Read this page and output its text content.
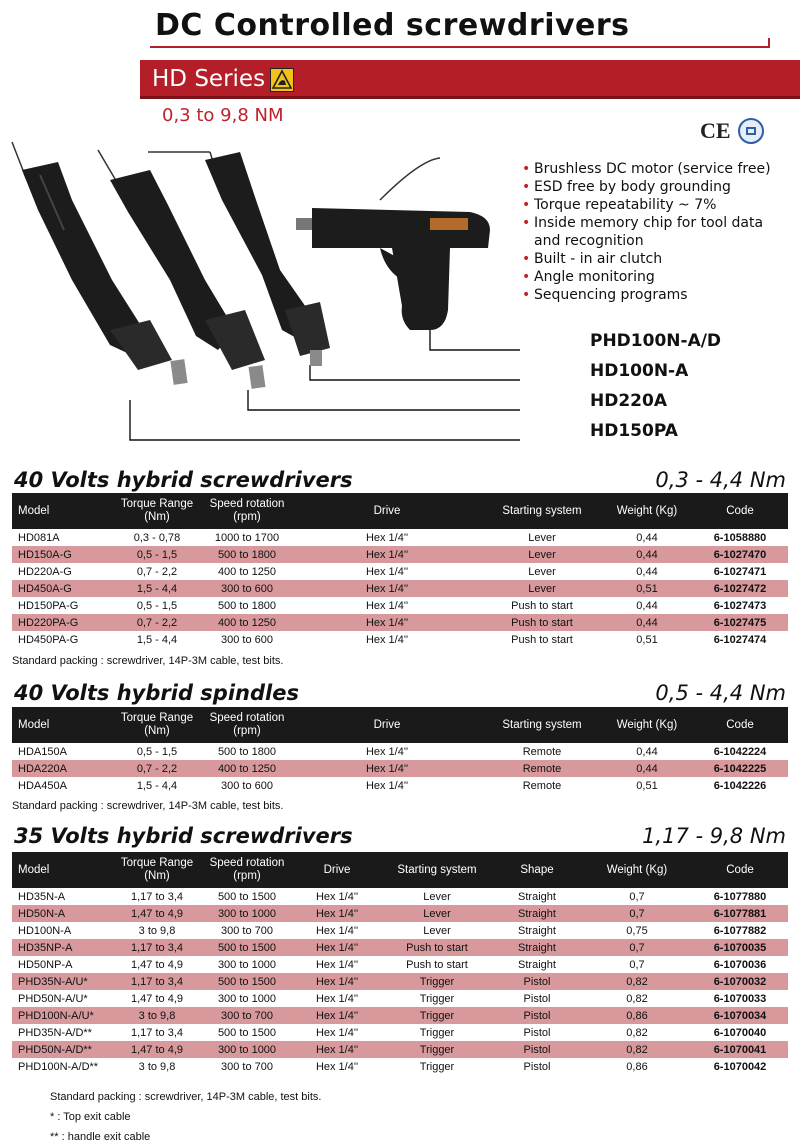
DC Controlled screwdrivers
HD Series
0,3 to 9,8 NM
CE
• Brushless DC motor (service free)
• ESD free by body grounding
• Torque repeatability ~ 7%
• Inside memory chip for tool data and recognition
• Built - in air clutch
• Angle monitoring
• Sequencing programs
PHD100N-A/D
HD100N-A
HD220A
HD150PA
40 Volts hybrid screwdrivers	0,3 - 4,4 Nm
Model	Torque Range (Nm)	Speed rotation (rpm)	Drive	Starting system	Weight (Kg)	Code
HD081A	0,3 - 0,78	1000 to 1700	Hex 1/4''	Lever	0,44	6-1058880
HD150A-G	0,5 - 1,5	500 to 1800	Hex 1/4''	Lever	0,44	6-1027470
HD220A-G	0,7 - 2,2	400 to 1250	Hex 1/4''	Lever	0,44	6-1027471
HD450A-G	1,5 - 4,4	300 to 600	Hex 1/4''	Lever	0,51	6-1027472
HD150PA-G	0,5 - 1,5	500 to 1800	Hex 1/4''	Push to start	0,44	6-1027473
HD220PA-G	0,7 - 2,2	400 to 1250	Hex 1/4''	Push to start	0,44	6-1027475
HD450PA-G	1,5 - 4,4	300 to 600	Hex 1/4''	Push to start	0,51	6-1027474
Standard packing : screwdriver, 14P-3M cable, test bits.
40 Volts hybrid spindles	0,5 - 4,4 Nm
Model	Torque Range (Nm)	Speed rotation (rpm)	Drive	Starting system	Weight (Kg)	Code
HDA150A	0,5 - 1,5	500 to 1800	Hex 1/4''	Remote	0,44	6-1042224
HDA220A	0,7 - 2,2	400 to 1250	Hex 1/4''	Remote	0,44	6-1042225
HDA450A	1,5 - 4,4	300 to 600	Hex 1/4''	Remote	0,51	6-1042226
Standard packing : screwdriver, 14P-3M cable, test bits.
35 Volts hybrid screwdrivers	1,17 - 9,8 Nm
Model	Torque Range (Nm)	Speed rotation (rpm)	Drive	Starting system	Shape	Weight (Kg)	Code
HD35N-A	1,17 to 3,4	500 to 1500	Hex 1/4''	Lever	Straight	0,7	6-1077880
HD50N-A	1,47 to 4,9	300 to 1000	Hex 1/4''	Lever	Straight	0,7	6-1077881
HD100N-A	3 to 9,8	300 to 700	Hex 1/4''	Lever	Straight	0,75	6-1077882
HD35NP-A	1,17 to 3,4	500 to 1500	Hex 1/4''	Push to start	Straight	0,7	6-1070035
HD50NP-A	1,47 to 4,9	300 to 1000	Hex 1/4''	Push to start	Straight	0,7	6-1070036
PHD35N-A/U*	1,17 to 3,4	500 to 1500	Hex 1/4''	Trigger	Pistol	0,82	6-1070032
PHD50N-A/U*	1,47 to 4,9	300 to 1000	Hex 1/4''	Trigger	Pistol	0,82	6-1070033
PHD100N-A/U*	3 to 9,8	300 to 700	Hex 1/4''	Trigger	Pistol	0,86	6-1070034
PHD35N-A/D**	1,17 to 3,4	500 to 1500	Hex 1/4''	Trigger	Pistol	0,82	6-1070040
PHD50N-A/D**	1,47 to 4,9	300 to 1000	Hex 1/4''	Trigger	Pistol	0,82	6-1070041
PHD100N-A/D**	3 to 9,8	300 to 700	Hex 1/4''	Trigger	Pistol	0,86	6-1070042
Standard packing : screwdriver, 14P-3M cable, test bits.
* : Top exit cable
** : handle exit cable
